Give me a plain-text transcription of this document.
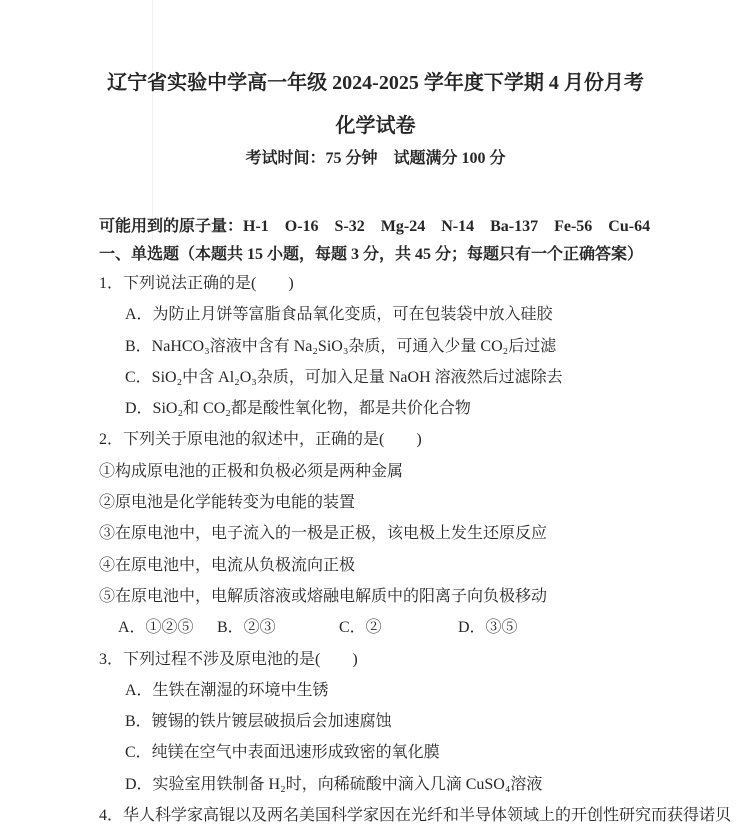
辽宁省实验中学高一年级 2024-2025 学年度下学期 4 月份月考
化学试卷
考试时间：75 分钟　试题满分 100 分
可能用到的原子量：H-1　O-16　S-32　Mg-24　N-14　Ba-137　Fe-56　Cu-64
一、单选题（本题共 15 小题，每题 3 分，共 45 分；每题只有一个正确答案）
1．下列说法正确的是(　　)
A．为防止月饼等富脂食品氧化变质，可在包装袋中放入硅胶
B．NaHCO₃溶液中含有 Na₂SiO₃杂质，可通入少量 CO₂后过滤
C．SiO₂中含 Al₂O₃杂质，可加入足量 NaOH 溶液然后过滤除去
D．SiO₂和 CO₂都是酸性氧化物，都是共价化合物
2．下列关于原电池的叙述中，正确的是(　　)
①构成原电池的正极和负极必须是两种金属
②原电池是化学能转变为电能的装置
③在原电池中，电子流入的一极是正极，该电极上发生还原反应
④在原电池中，电流从负极流向正极
⑤在原电池中，电解质溶液或熔融电解质中的阳离子向负极移动

A．①②⑤

B．②③

	C．②

	D．③⑤

3．下列过程不涉及原电池的是(　　)
A．生铁在潮湿的环境中生锈
B．镀锡的铁片镀层破损后会加速腐蚀
C．纯镁在空气中表面迅速形成致密的氧化膜
D．实验室用铁制备 H₂时，向稀硫酸中滴入几滴 CuSO₄溶液
4．华人科学家高锟以及两名美国科学家因在光纤和半导体领域上的开创性研究而获得诺贝
